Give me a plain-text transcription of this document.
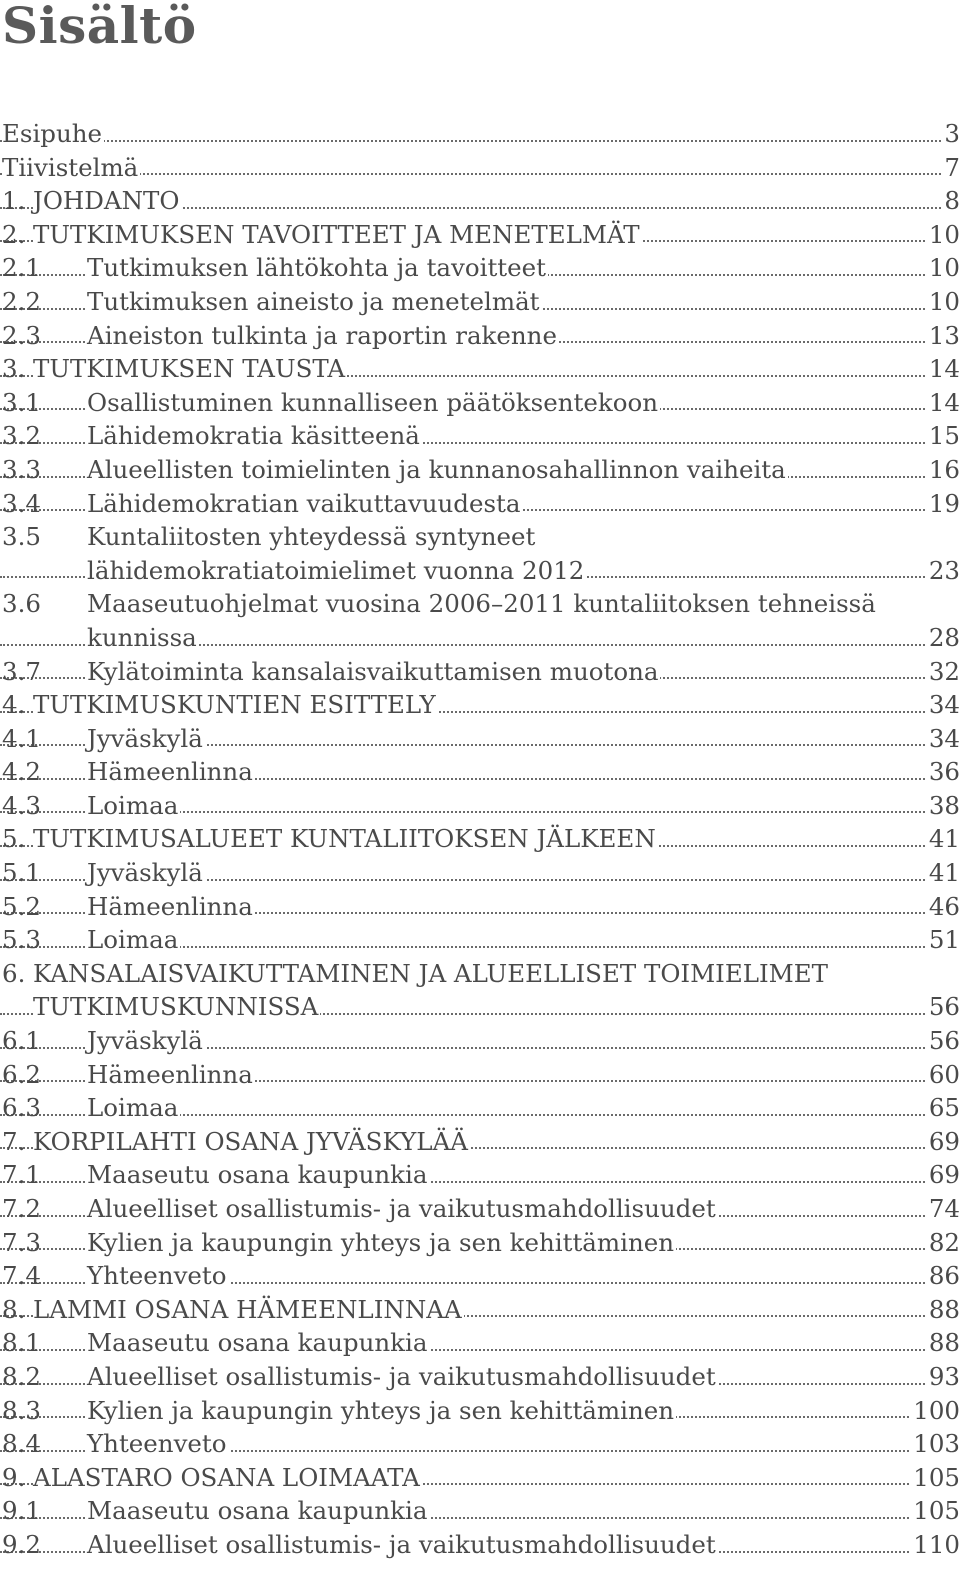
Sisältö
Esipuhe	3
Tiivistelmä	7
1. JOHDANTO	8
2. TUTKIMUKSEN TAVOITTEET JA MENETELMÄT	10
2.1 Tutkimuksen lähtökohta ja tavoitteet	10
2.2 Tutkimuksen aineisto ja menetelmät	10
2.3 Aineiston tulkinta ja raportin rakenne	13
3. TUTKIMUKSEN TAUSTA	14
3.1 Osallistuminen kunnalliseen päätöksentekoon	14
3.2 Lähidemokratia käsitteenä	15
3.3 Alueellisten toimielinten ja kunnanosahallinnon vaiheita	16
3.4 Lähidemokratian vaikuttavuudesta	19
3.5 Kuntaliitosten yhteydessä syntyneet
lähidemokratiatoimielimet vuonna 2012	23
3.6 Maaseutuohjelmat vuosina 2006–2011 kuntaliitoksen tehneissä
kunnissa	28
3.7 Kylätoiminta kansalaisvaikuttamisen muotona	32
4. TUTKIMUSKUNTIEN ESITTELY	34
4.1 Jyväskylä	34
4.2 Hämeenlinna	36
4.3 Loimaa	38
5. TUTKIMUSALUEET KUNTALIITOKSEN JÄLKEEN	41
5.1 Jyväskylä	41
5.2 Hämeenlinna	46
5.3 Loimaa	51
6. KANSALAISVAIKUTTAMINEN JA ALUEELLISET TOIMIELIMET
TUTKIMUSKUNNISSA	56
6.1 Jyväskylä	56
6.2 Hämeenlinna	60
6.3 Loimaa	65
7. KORPILAHTI OSANA JYVÄSKYLÄÄ	69
7.1 Maaseutu osana kaupunkia	69
7.2 Alueelliset osallistumis- ja vaikutusmahdollisuudet	74
7.3 Kylien ja kaupungin yhteys ja sen kehittäminen	82
7.4 Yhteenveto	86
8. LAMMI OSANA HÄMEENLINNAA	88
8.1 Maaseutu osana kaupunkia	88
8.2 Alueelliset osallistumis- ja vaikutusmahdollisuudet	93
8.3 Kylien ja kaupungin yhteys ja sen kehittäminen	100
8.4 Yhteenveto	103
9. ALASTARO OSANA LOIMAATA	105
9.1 Maaseutu osana kaupunkia	105
9.2 Alueelliset osallistumis- ja vaikutusmahdollisuudet	110
